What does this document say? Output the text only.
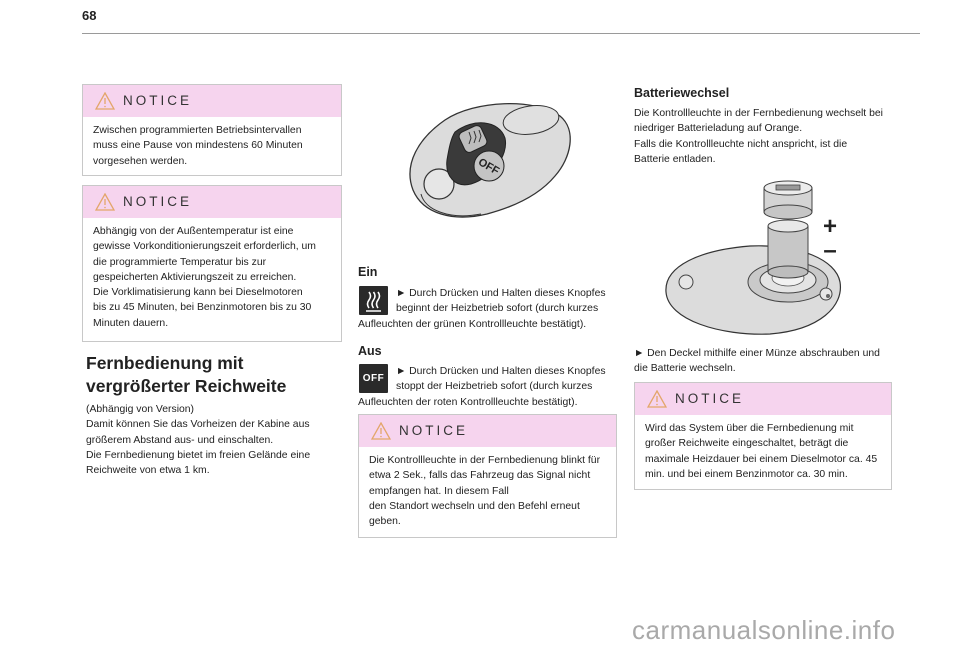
68
NOTICE
Zwischen programmierten Betriebsintervallen
muss eine Pause von mindestens 60 Minuten
vorgesehen werden.
NOTICE
Abhängig von der Außentemperatur ist eine
gewisse Vorkonditionierungszeit erforderlich, um
die programmierte Temperatur bis zur
gespeicherten Aktivierungszeit zu erreichen.
Die Vorklimatisierung kann bei Dieselmotoren
bis zu 45 Minuten, bei Benzinmotoren bis zu 30
Minuten dauern.
Fernbedienung mit
vergrößerter Reichweite
(Abhängig von Version)
Damit können Sie das Vorheizen der Kabine aus
größerem Abstand aus- und einschalten.
Die Fernbedienung bietet im freien Gelände eine
Reichweite von etwa 1 km.
OFF
Ein
► Durch Drücken und Halten dieses Knopfes
beginnt der Heizbetrieb sofort (durch kurzes
Aufleuchten der grünen Kontrollleuchte bestätigt).
Aus
OFF
► Durch Drücken und Halten dieses Knopfes
stoppt der Heizbetrieb sofort (durch kurzes
Aufleuchten der roten Kontrollleuchte bestätigt).
NOTICE
Die Kontrollleuchte in der Fernbedienung blinkt für
etwa 2 Sek., falls das Fahrzeug das Signal nicht
empfangen hat. In diesem Fall
den Standort wechseln und den Befehl erneut
geben.
Batteriewechsel
Die Kontrollleuchte in der Fernbedienung wechselt bei
niedriger Batterieladung auf Orange.
Falls die Kontrollleuchte nicht anspricht, ist die
Batterie entladen.
+
–
► Den Deckel mithilfe einer Münze abschrauben und
die Batterie wechseln.
NOTICE
Wird das System über die Fernbedienung mit
großer Reichweite eingeschaltet, beträgt die
maximale Heizdauer bei einem Dieselmotor ca. 45
min. und bei einem Benzinmotor ca. 30 min.
carmanualsonline.info
